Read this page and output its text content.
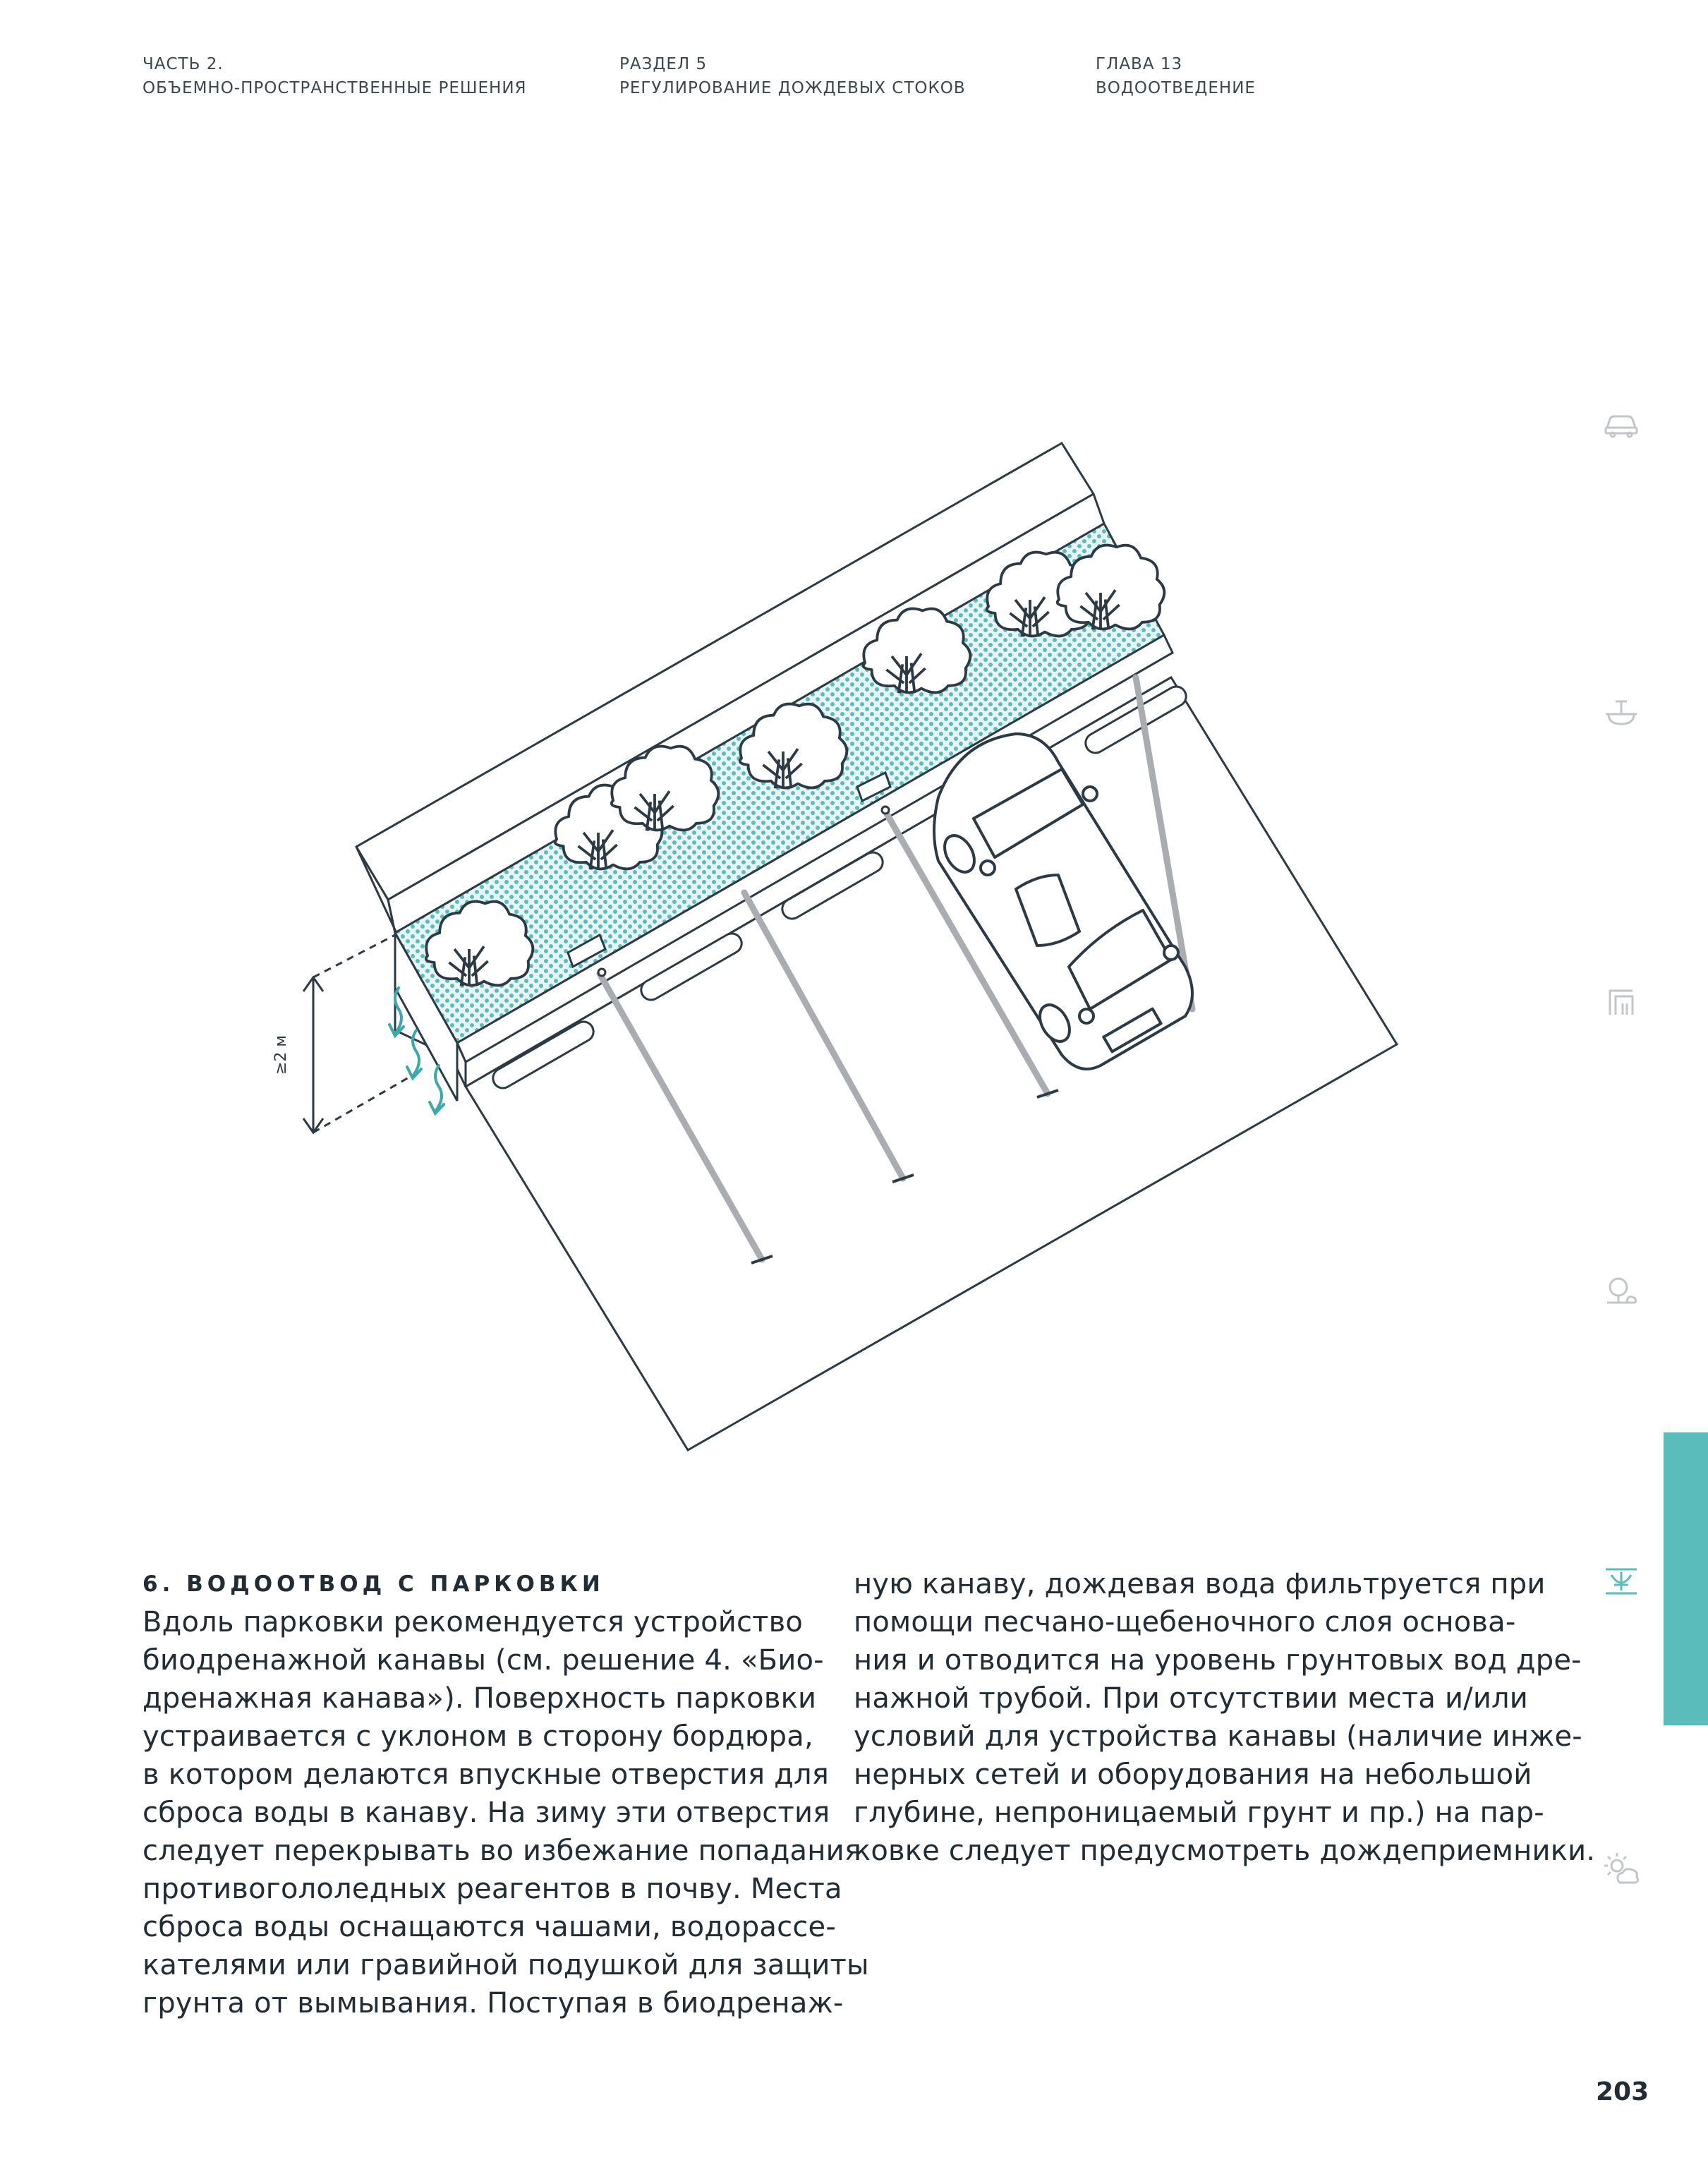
ЧАСТЬ 2.
ОБЪЕМНО-ПРОСТРАНСТВЕННЫЕ РЕШЕНИЯ
РАЗДЕЛ 5
РЕГУЛИРОВАНИЕ ДОЖДЕВЫХ СТОКОВ
ГЛАВА 13
ВОДООТВЕДЕНИЕ
≥2 м
6. ВОДООТВОД С ПАРКОВКИ

Вдоль парковки рекомендуется устройство

биодренажной канавы (см. решение 4. «Био-

дренажная канава»). Поверхность парковки

устраивается с уклоном в сторону бордюра,

в котором делаются впускные отверстия для

сброса воды в канаву. На зиму эти отверстия

следует перекрывать во избежание попадания

противогололедных реагентов в почву. Места

сброса воды оснащаются чашами, водорассе-

кателями или гравийной подушкой для защиты

грунта от вымывания. Поступая в биодренаж-

ную канаву, дождевая вода фильтруется при

помощи песчано-щебеночного слоя основа-

ния и отводится на уровень грунтовых вод дре-

нажной трубой. При отсутствии места и/или

условий для устройства канавы (наличие инже-

нерных сетей и оборудования на небольшой

глубине, непроницаемый грунт и пр.) на пар-

ковке следует предусмотреть дождеприемники.

203
